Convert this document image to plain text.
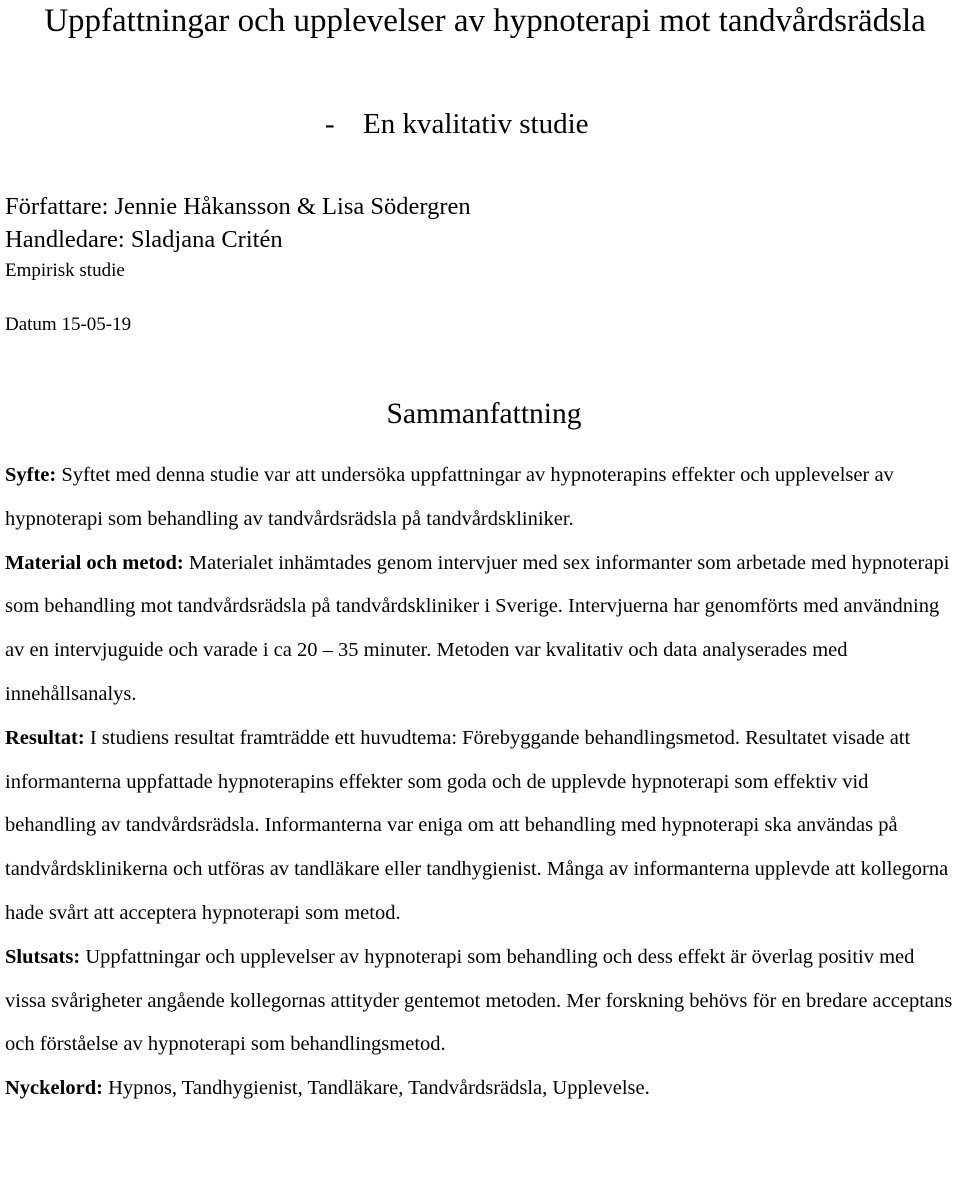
Uppfattningar och upplevelser av hypnoterapi mot tandvårdsrädsla
- En kvalitativ studie
Författare: Jennie Håkansson & Lisa Södergren
Handledare: Sladjana Critén
Empirisk studie
Datum 15-05-19
Sammanfattning

Syfte: Syftet med denna studie var att undersöka uppfattningar av hypnoterapins effekter och upplevelser av hypnoterapi som behandling av tandvårdsrädsla på tandvårdskliniker.

Material och metod: Materialet inhämtades genom intervjuer med sex informanter som arbetade med hypnoterapi som behandling mot tandvårdsrädsla på tandvårdskliniker i Sverige. Intervjuerna har genomförts med användning av en intervjuguide och varade i ca 20 – 35 minuter. Metoden var kvalitativ och data analyserades med innehållsanalys.

Resultat: I studiens resultat framträdde ett huvudtema: Förebyggande behandlingsmetod. Resultatet visade att informanterna uppfattade hypnoterapins effekter som goda och de upplevde hypnoterapi som effektiv vid behandling av tandvårdsrädsla. Informanterna var eniga om att behandling med hypnoterapi ska användas på tandvårdsklinikerna och utföras av tandläkare eller tandhygienist. Många av informanterna upplevde att kollegorna hade svårt att acceptera hypnoterapi som metod.

Slutsats: Uppfattningar och upplevelser av hypnoterapi som behandling och dess effekt är överlag positiv med vissa svårigheter angående kollegornas attityder gentemot metoden. Mer forskning behövs för en bredare acceptans och förståelse av hypnoterapi som behandlingsmetod.

Nyckelord: Hypnos, Tandhygienist, Tandläkare, Tandvårdsrädsla, Upplevelse.
